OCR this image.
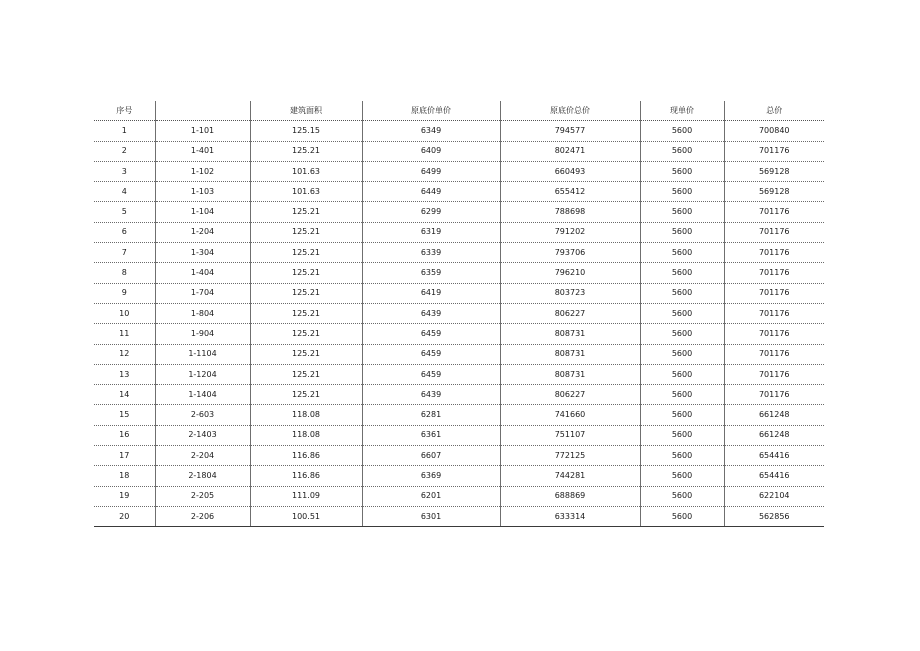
序号		建筑面积	原底价单价	原底价总价	现单价	总价
1	1-101	125.15	6349	794577	5600	700840
2	1-401	125.21	6409	802471	5600	701176
3	1-102	101.63	6499	660493	5600	569128
4	1-103	101.63	6449	655412	5600	569128
5	1-104	125.21	6299	788698	5600	701176
6	1-204	125.21	6319	791202	5600	701176
7	1-304	125.21	6339	793706	5600	701176
8	1-404	125.21	6359	796210	5600	701176
9	1-704	125.21	6419	803723	5600	701176
10	1-804	125.21	6439	806227	5600	701176
11	1-904	125.21	6459	808731	5600	701176
12	1-1104	125.21	6459	808731	5600	701176
13	1-1204	125.21	6459	808731	5600	701176
14	1-1404	125.21	6439	806227	5600	701176
15	2-603	118.08	6281	741660	5600	661248
16	2-1403	118.08	6361	751107	5600	661248
17	2-204	116.86	6607	772125	5600	654416
18	2-1804	116.86	6369	744281	5600	654416
19	2-205	111.09	6201	688869	5600	622104
20	2-206	100.51	6301	633314	5600	562856
